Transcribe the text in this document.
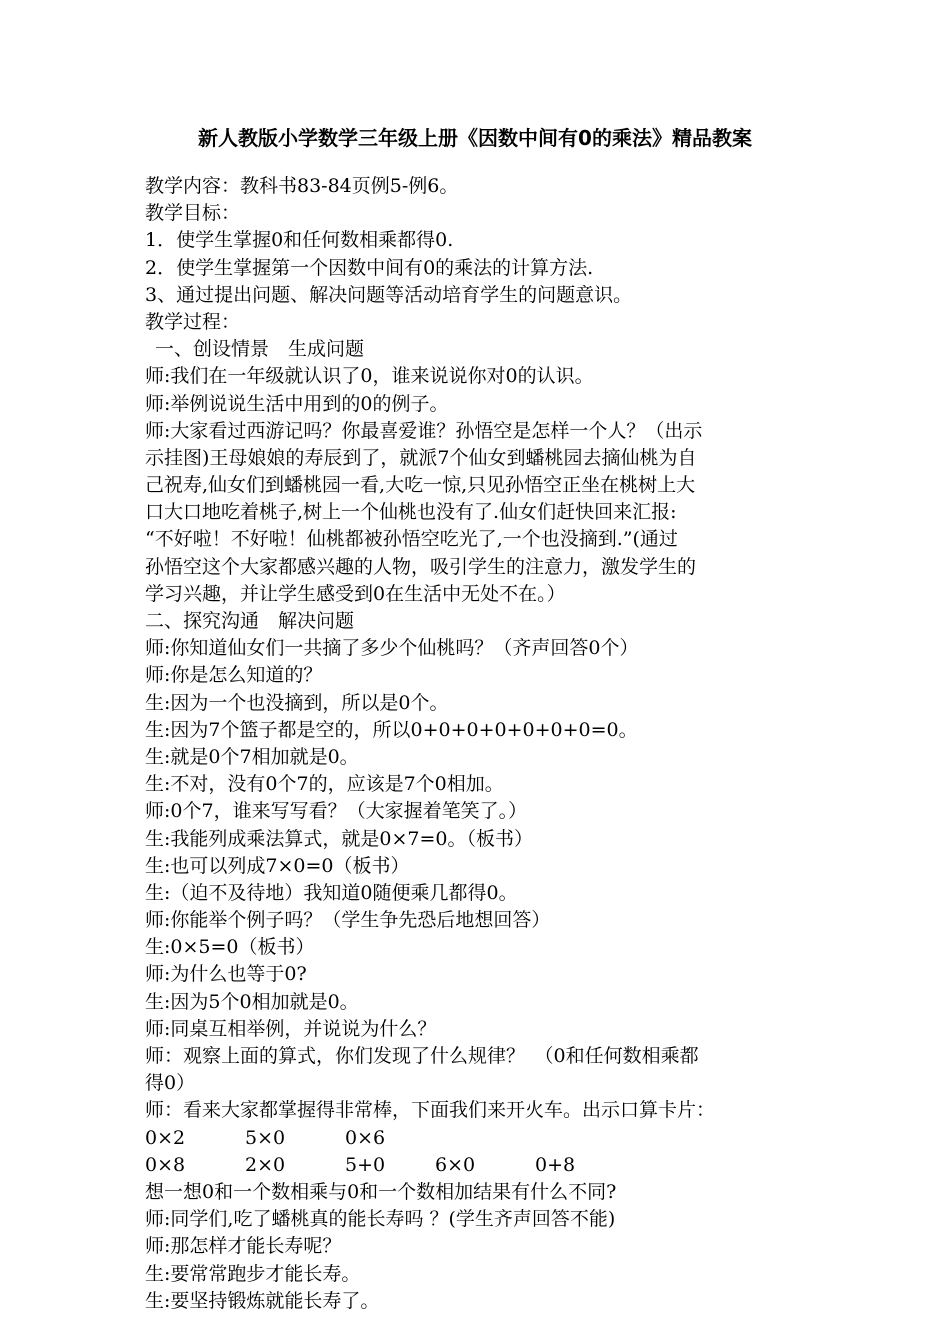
新人教版小学数学三年级上册《因数中间有0的乘法》精品教案
教学内容：教科书83-84页例5-例6。
教学目标：
1．使学生掌握0和任何数相乘都得0.
2．使学生掌握第一个因数中间有0的乘法的计算方法.
3、通过提出问题、解决问题等活动培育学生的问题意识。
教学过程：
一、创设情景　生成问题
师:我们在一年级就认识了0，谁来说说你对0的认识。
师:举例说说生活中用到的0的例子。
师:大家看过西游记吗？你最喜爱谁？孙悟空是怎样一个人？（出示
示挂图)王母娘娘的寿辰到了，就派7个仙女到蟠桃园去摘仙桃为自
己祝寿,仙女们到蟠桃园一看,大吃一惊,只见孙悟空正坐在桃树上大
口大口地吃着桃子,树上一个仙桃也没有了.仙女们赶快回来汇报:
“不好啦！不好啦！仙桃都被孙悟空吃光了,一个也没摘到.”(通过
孙悟空这个大家都感兴趣的人物，吸引学生的注意力，激发学生的
学习兴趣，并让学生感受到0在生活中无处不在。）
二、探究沟通　解决问题
师:你知道仙女们一共摘了多少个仙桃吗？（齐声回答0个）
师:你是怎么知道的？
生:因为一个也没摘到，所以是0个。
生:因为7个篮子都是空的，所以0+0+0+0+0+0+0=0。
生:就是0个7相加就是0。
生:不对，没有0个7的，应该是7个0相加。
师:0个7，谁来写写看？（大家握着笔笑了。）
生:我能列成乘法算式，就是0×7=0。（板书）
生:也可以列成7×0=0（板书）
生:（迫不及待地）我知道0随便乘几都得0。
师:你能举个例子吗？（学生争先恐后地想回答）
生:0×5=0（板书）
师:为什么也等于0?
生:因为5个0相加就是0。
师:同桌互相举例，并说说为什么？
师：观察上面的算式，你们发现了什么规律？　（0和任何数相乘都
得0）
师：看来大家都掌握得非常棒，下面我们来开火车。出示口算卡片：
0×2	5×0	0×6
0×8	2×0	5+0	6×0	0+8
想一想0和一个数相乘与0和一个数相加结果有什么不同?
师:同学们,吃了蟠桃真的能长寿吗 ？(学生齐声回答不能)
师:那怎样才能长寿呢？
生:要常常跑步才能长寿。
生:要坚持锻炼就能长寿了。
